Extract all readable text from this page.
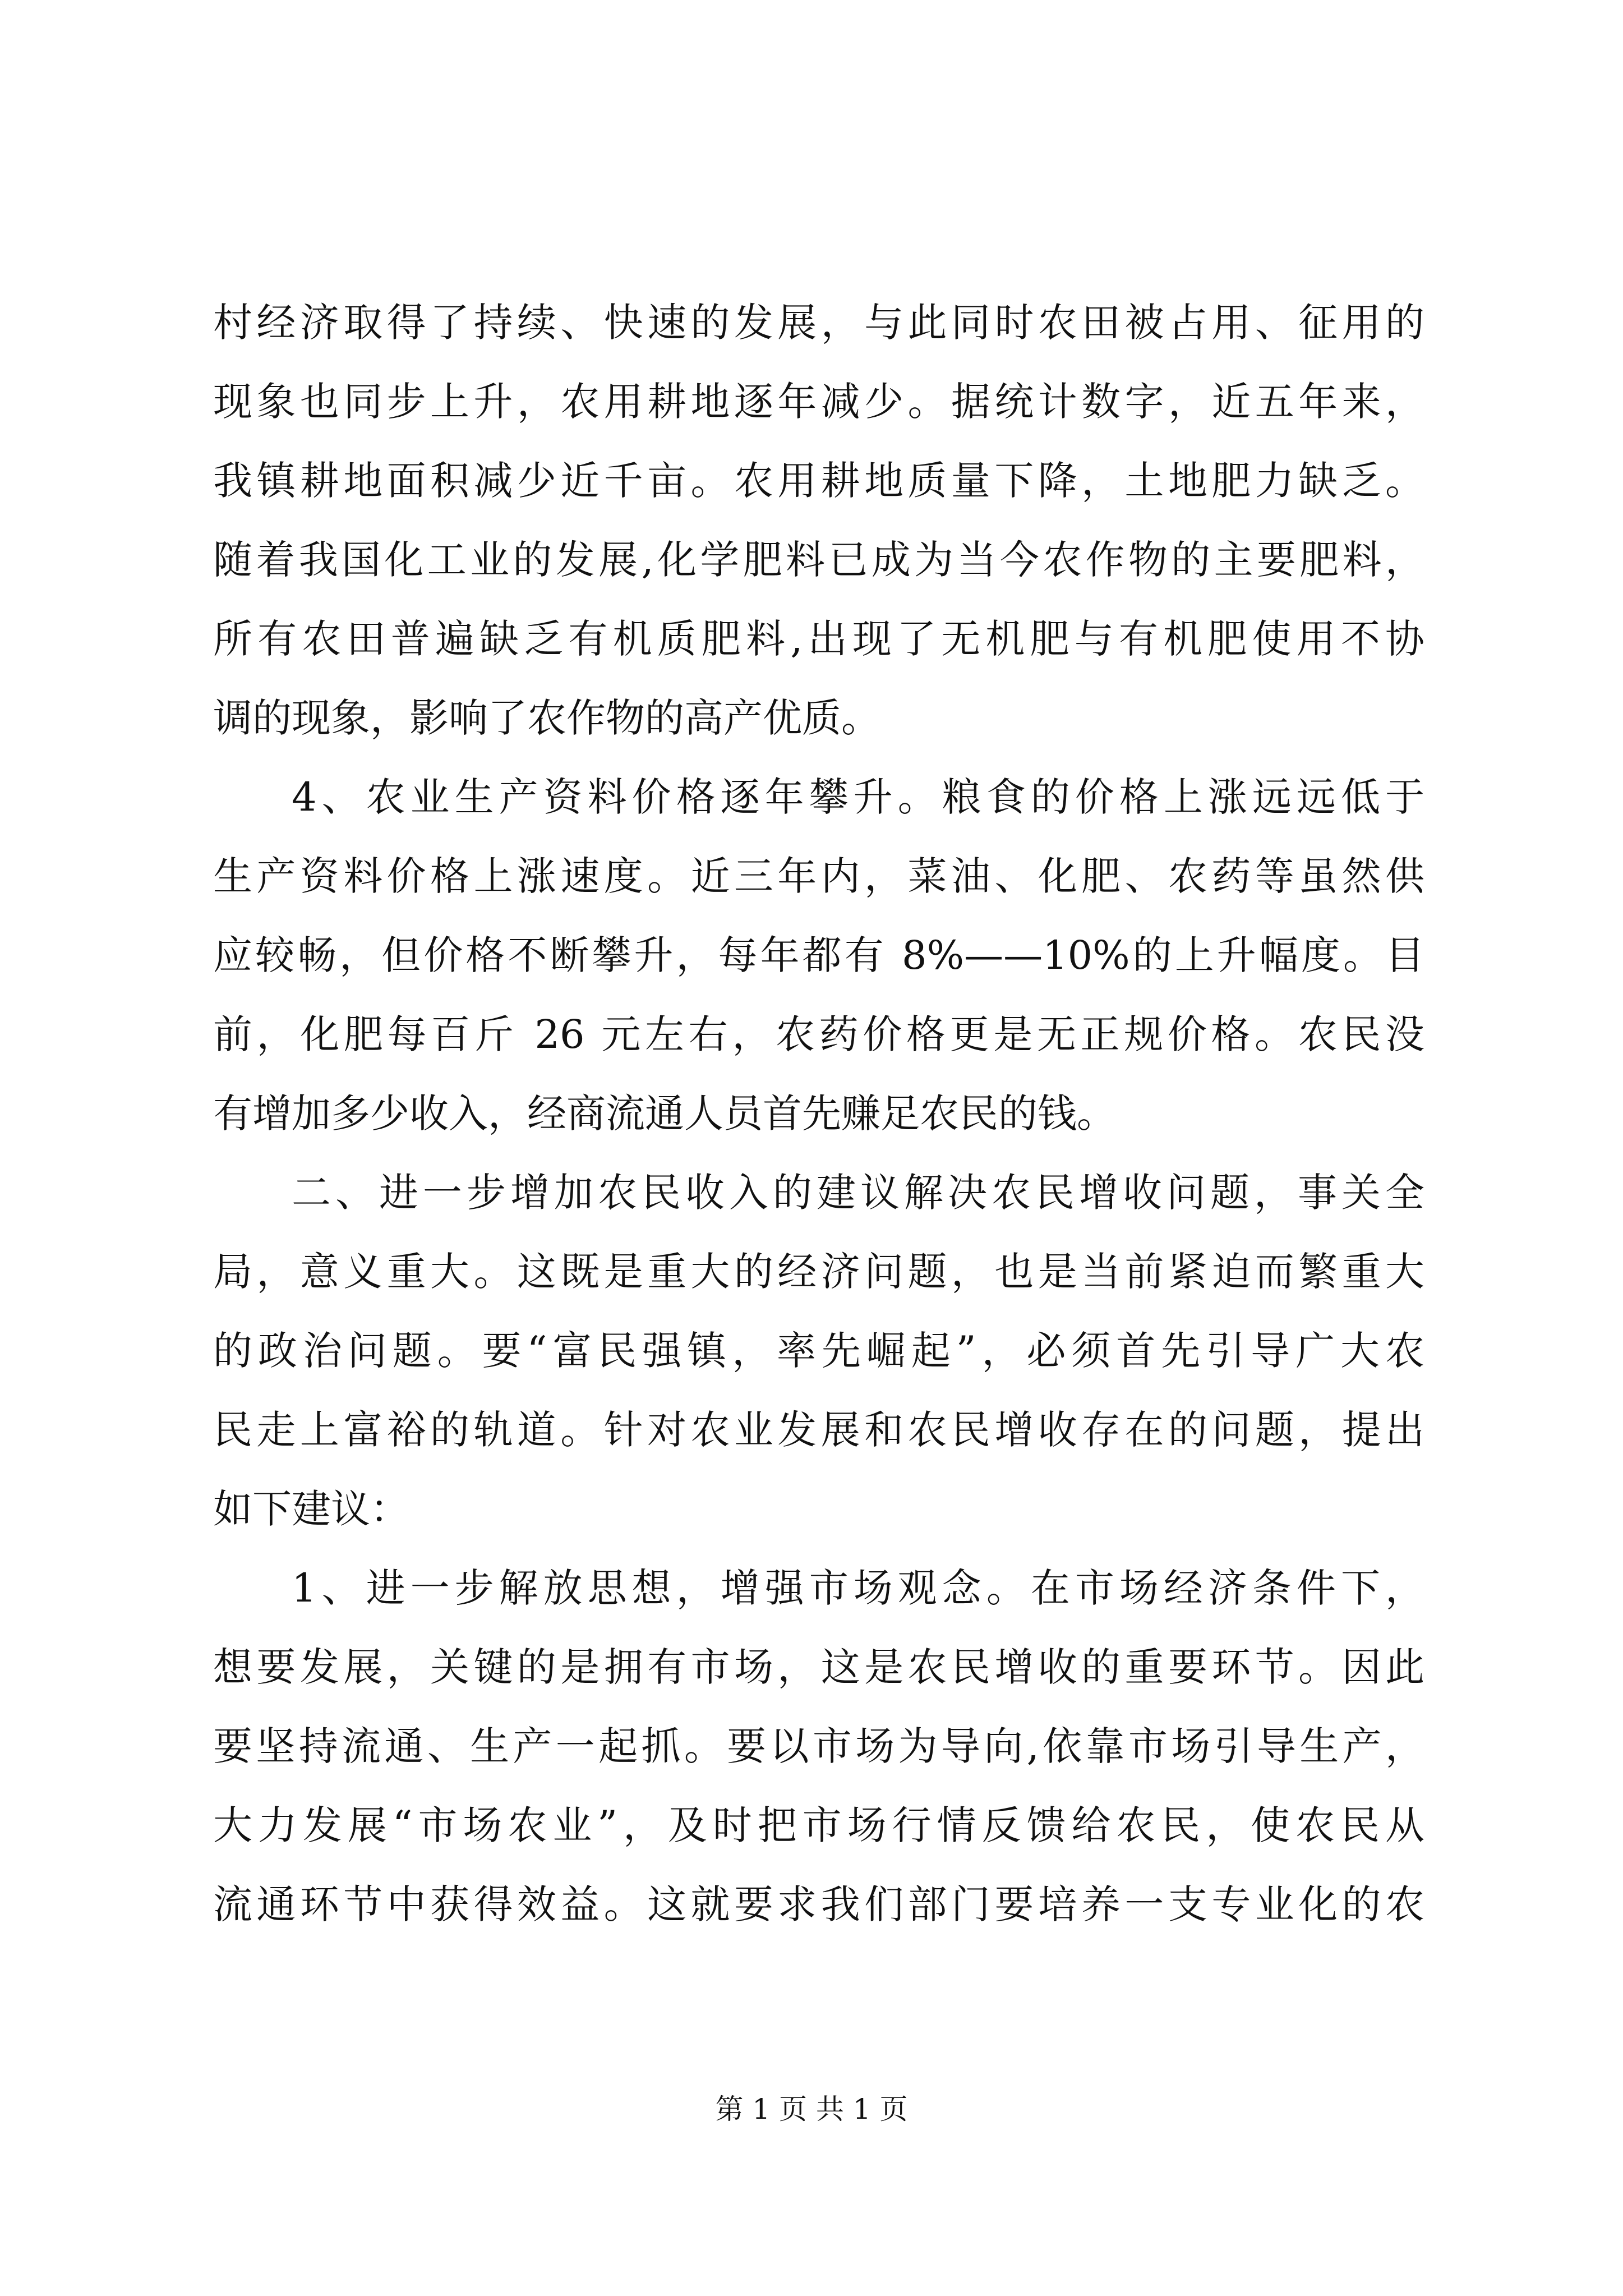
村经济取得了持续、快速的发展，与此同时农田被占用、征用的
现象也同步上升，农用耕地逐年减少。据统计数字，近五年来，
我镇耕地面积减少近千亩。农用耕地质量下降，土地肥力缺乏。
随着我国化工业的发展,化学肥料已成为当今农作物的主要肥料，
所有农田普遍缺乏有机质肥料,出现了无机肥与有机肥使用不协
调的现象，影响了农作物的高产优质。
4、农业生产资料价格逐年攀升。粮食的价格上涨远远低于
生产资料价格上涨速度。近三年内，菜油、化肥、农药等虽然供
应较畅，但价格不断攀升，每年都有 8%——10%的上升幅度。目
前，化肥每百斤 26 元左右，农药价格更是无正规价格。农民没
有增加多少收入，经商流通人员首先赚足农民的钱。
二、进一步增加农民收入的建议解决农民增收问题，事关全
局，意义重大。这既是重大的经济问题，也是当前紧迫而繁重大
的政治问题。要“富民强镇，率先崛起”，必须首先引导广大农
民走上富裕的轨道。针对农业发展和农民增收存在的问题，提出
如下建议：
1、进一步解放思想，增强市场观念。在市场经济条件下，
想要发展，关键的是拥有市场，这是农民增收的重要环节。因此
要坚持流通、生产一起抓。要以市场为导向,依靠市场引导生产，
大力发展“市场农业”，及时把市场行情反馈给农民，使农民从
流通环节中获得效益。这就要求我们部门要培养一支专业化的农
第 1 页 共 1 页
